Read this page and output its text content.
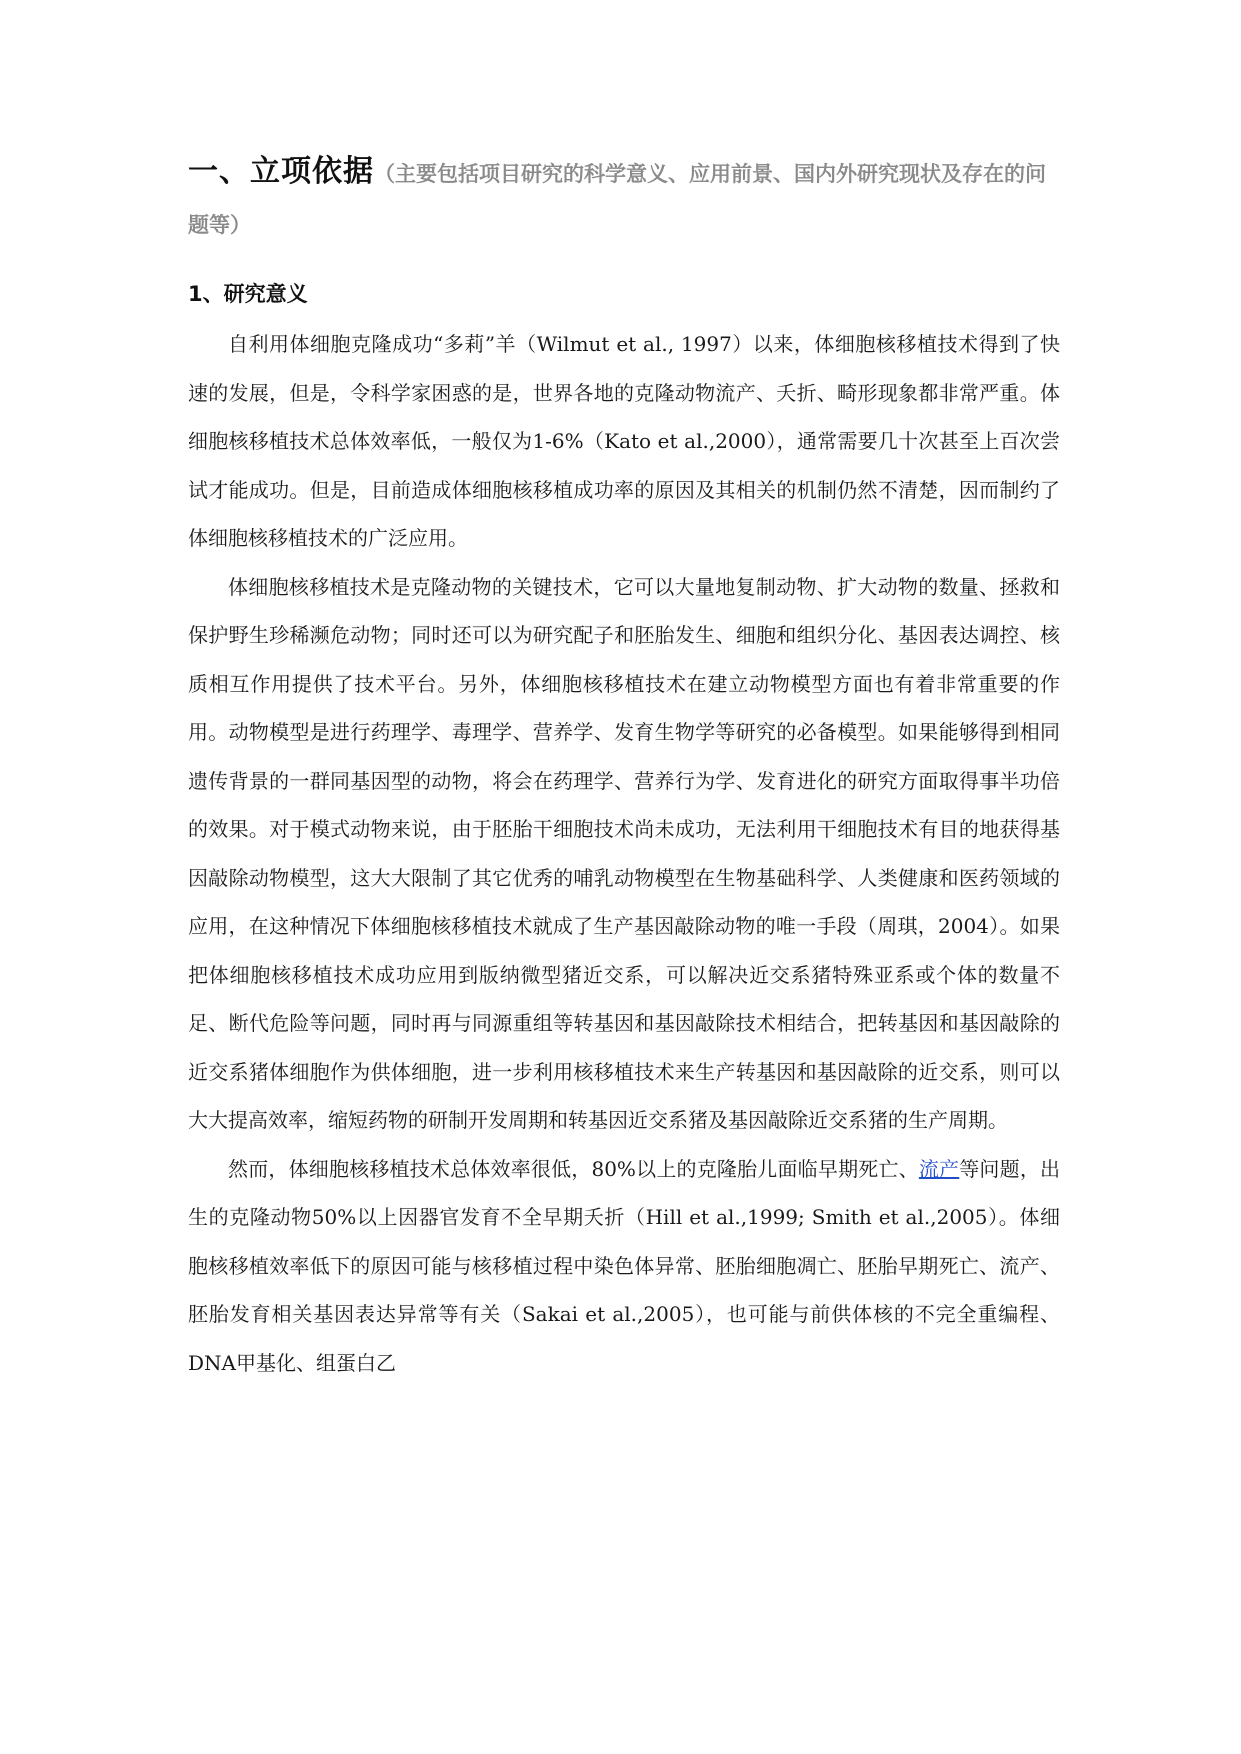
一、立项依据（主要包括项目研究的科学意义、应用前景、国内外研究现状及存在的问题等）
1、研究意义

自利用体细胞克隆成功“多莉”羊（Wilmut et al., 1997）以来，体细胞核移植技术得到了快速的发展，但是，令科学家困惑的是，世界各地的克隆动物流产、夭折、畸形现象都非常严重。体细胞核移植技术总体效率低，一般仅为1-6%（Kato et al.,2000），通常需要几十次甚至上百次尝试才能成功。但是，目前造成体细胞核移植成功率的原因及其相关的机制仍然不清楚，因而制约了体细胞核移植技术的广泛应用。

体细胞核移植技术是克隆动物的关键技术，它可以大量地复制动物、扩大动物的数量、拯救和保护野生珍稀濒危动物；同时还可以为研究配子和胚胎发生、细胞和组织分化、基因表达调控、核质相互作用提供了技术平台。另外，体细胞核移植技术在建立动物模型方面也有着非常重要的作用。动物模型是进行药理学、毒理学、营养学、发育生物学等研究的必备模型。如果能够得到相同遗传背景的一群同基因型的动物，将会在药理学、营养行为学、发育进化的研究方面取得事半功倍的效果。对于模式动物来说，由于胚胎干细胞技术尚未成功，无法利用干细胞技术有目的地获得基因敲除动物模型，这大大限制了其它优秀的哺乳动物模型在生物基础科学、人类健康和医药领域的应用，在这种情况下体细胞核移植技术就成了生产基因敲除动物的唯一手段（周琪，2004）。如果把体细胞核移植技术成功应用到版纳微型猪近交系，可以解决近交系猪特殊亚系或个体的数量不足、断代危险等问题，同时再与同源重组等转基因和基因敲除技术相结合，把转基因和基因敲除的近交系猪体细胞作为供体细胞，进一步利用核移植技术来生产转基因和基因敲除的近交系，则可以大大提高效率，缩短药物的研制开发周期和转基因近交系猪及基因敲除近交系猪的生产周期。

然而，体细胞核移植技术总体效率很低，80%以上的克隆胎儿面临早期死亡、流产等问题，出生的克隆动物50%以上因器官发育不全早期夭折（Hill et al.,1999; Smith et al.,2005）。体细胞核移植效率低下的原因可能与核移植过程中染色体异常、胚胎细胞凋亡、胚胎早期死亡、流产、胚胎发育相关基因表达异常等有关（Sakai et al.,2005），也可能与前供体核的不完全重编程、DNA甲基化、组蛋白乙
